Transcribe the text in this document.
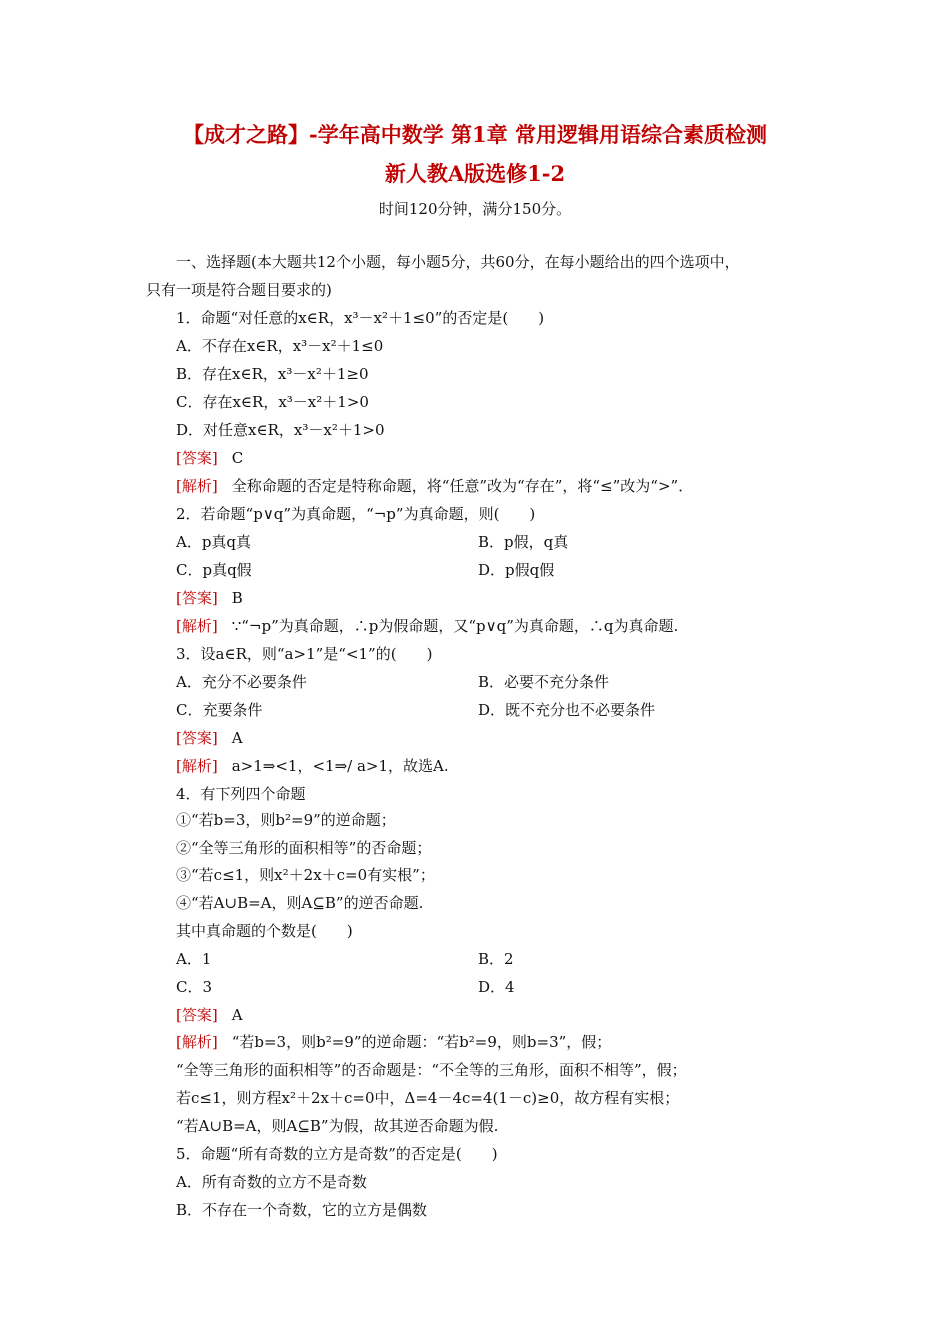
【成才之路】-学年高中数学 第1章 常用逻辑用语综合素质检测
新人教A版选修1-2
时间120分钟，满分150分。
一、选择题(本大题共12个小题，每小题5分，共60分，在每小题给出的四个选项中，
只有一项是符合题目要求的)
1．命题“对任意的x∈R，x³－x²＋1≤0”的否定是(　　)
A．不存在x∈R，x³－x²＋1≤0
B．存在x∈R，x³－x²＋1≥0
C．存在x∈R，x³－x²＋1>0
D．对任意x∈R，x³－x²＋1>0
[答案] C
[解析] 全称命题的否定是特称命题，将“任意”改为“存在”，将“≤”改为“>”．
2．若命题“p∨q”为真命题，“¬p”为真命题，则(　　)
A．p真q真	B．p假，q真
C．p真q假	D．p假q假
[答案] B
[解析] ∵“¬p”为真命题，∴p为假命题，又“p∨q”为真命题，∴q为真命题.
3．设a∈R，则“a>1”是“<1”的(　　)
A．充分不必要条件	B．必要不充分条件
C．充要条件	D．既不充分也不必要条件
[答案] A
[解析] a>1⇒<1，<1⇒/ a>1，故选A.
4．有下列四个命题
①“若b=3，则b²=9”的逆命题；
②“全等三角形的面积相等”的否命题；
③“若c≤1，则x²＋2x＋c=0有实根”；
④“若A∪B=A，则A⊆B”的逆否命题.
其中真命题的个数是(　　)
A．1	B．2
C．3	D．4
[答案] A
[解析] “若b=3，则b²=9”的逆命题：“若b²=9，则b=3”，假；
“全等三角形的面积相等”的否命题是：“不全等的三角形，面积不相等”，假；
若c≤1，则方程x²＋2x＋c=0中，Δ=4－4c=4(1－c)≥0，故方程有实根；
“若A∪B=A，则A⊆B”为假，故其逆否命题为假.
5．命题“所有奇数的立方是奇数”的否定是(　　)
A．所有奇数的立方不是奇数
B．不存在一个奇数，它的立方是偶数
